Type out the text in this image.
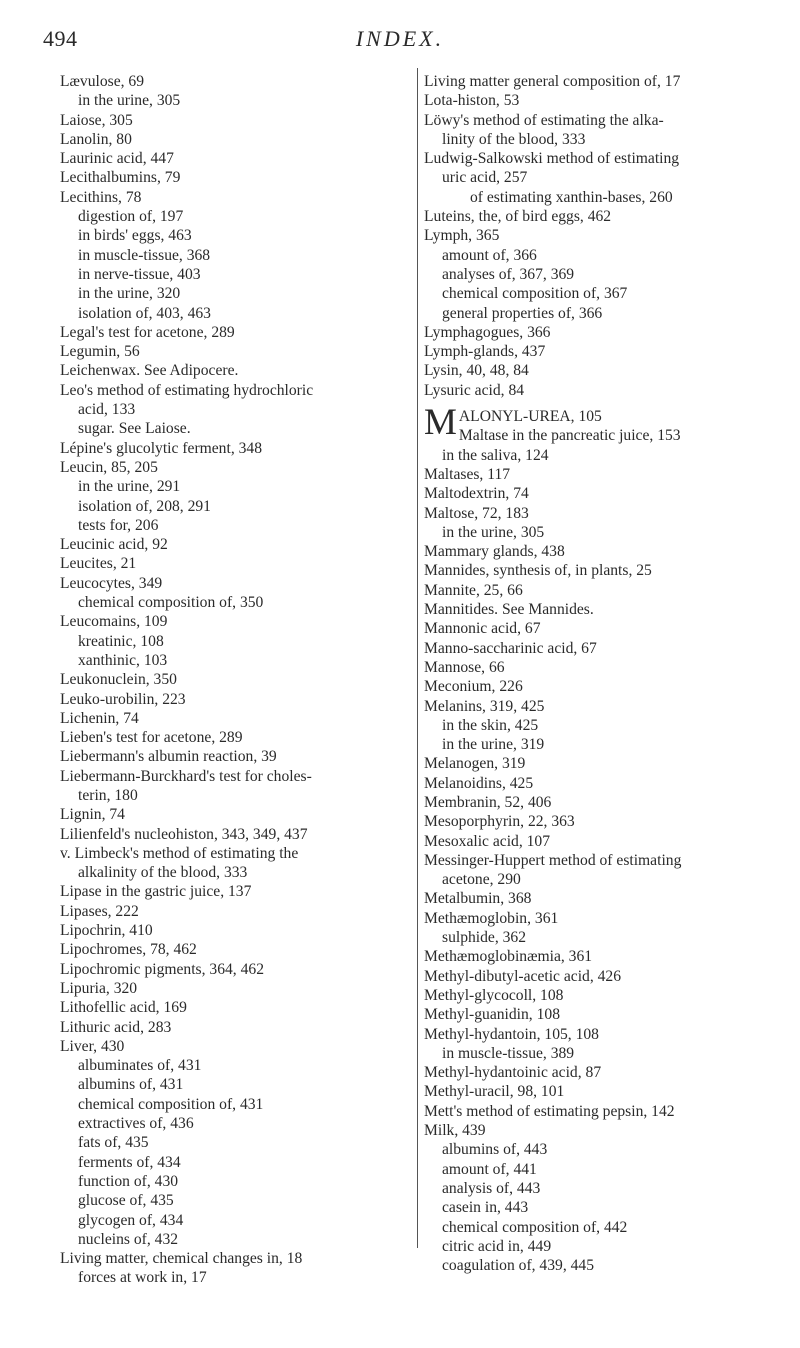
494	INDEX.
Lævulose, 69
in the urine, 305
Laiose, 305
Lanolin, 80
Laurinic acid, 447
Lecithalbumins, 79
Lecithins, 78
digestion of, 197
in birds' eggs, 463
in muscle-tissue, 368
in nerve-tissue, 403
in the urine, 320
isolation of, 403, 463
Legal's test for acetone, 289
Legumin, 56
Leichenwax. See Adipocere.
Leo's method of estimating hydrochloric
acid, 133
sugar. See Laiose.
Lépine's glucolytic ferment, 348
Leucin, 85, 205
in the urine, 291
isolation of, 208, 291
tests for, 206
Leucinic acid, 92
Leucites, 21
Leucocytes, 349
chemical composition of, 350
Leucomains, 109
kreatinic, 108
xanthinic, 103
Leukonuclein, 350
Leuko-urobilin, 223
Lichenin, 74
Lieben's test for acetone, 289
Liebermann's albumin reaction, 39
Liebermann-Burckhard's test for choles-
terin, 180
Lignin, 74
Lilienfeld's nucleohiston, 343, 349, 437
v. Limbeck's method of estimating the
alkalinity of the blood, 333
Lipase in the gastric juice, 137
Lipases, 222
Lipochrin, 410
Lipochromes, 78, 462
Lipochromic pigments, 364, 462
Lipuria, 320
Lithofellic acid, 169
Lithuric acid, 283
Liver, 430
albuminates of, 431
albumins of, 431
chemical composition of, 431
extractives of, 436
fats of, 435
ferments of, 434
function of, 430
glucose of, 435
glycogen of, 434
nucleins of, 432
Living matter, chemical changes in, 18
forces at work in, 17
Living matter general composition of, 17
Lota-histon, 53
Löwy's method of estimating the alka-
linity of the blood, 333
Ludwig-Salkowski method of estimating
uric acid, 257
of estimating xanthin-bases, 260
Luteins, the, of bird eggs, 462
Lymph, 365
amount of, 366
analyses of, 367, 369
chemical composition of, 367
general properties of, 366
Lymphagogues, 366
Lymph-glands, 437
Lysin, 40, 48, 84
Lysuric acid, 84
M ALONYL-UREA, 105
Maltase in the pancreatic juice, 153
in the saliva, 124
Maltases, 117
Maltodextrin, 74
Maltose, 72, 183
in the urine, 305
Mammary glands, 438
Mannides, synthesis of, in plants, 25
Mannite, 25, 66
Mannitides. See Mannides.
Mannonic acid, 67
Manno-saccharinic acid, 67
Mannose, 66
Meconium, 226
Melanins, 319, 425
in the skin, 425
in the urine, 319
Melanogen, 319
Melanoidins, 425
Membranin, 52, 406
Mesoporphyrin, 22, 363
Mesoxalic acid, 107
Messinger-Huppert method of estimating
acetone, 290
Metalbumin, 368
Methæmoglobin, 361
sulphide, 362
Methæmoglobinæmia, 361
Methyl-dibutyl-acetic acid, 426
Methyl-glycocoll, 108
Methyl-guanidin, 108
Methyl-hydantoin, 105, 108
in muscle-tissue, 389
Methyl-hydantoinic acid, 87
Methyl-uracil, 98, 101
Mett's method of estimating pepsin, 142
Milk, 439
albumins of, 443
amount of, 441
analysis of, 443
casein in, 443
chemical composition of, 442
citric acid in, 449
coagulation of, 439, 445
